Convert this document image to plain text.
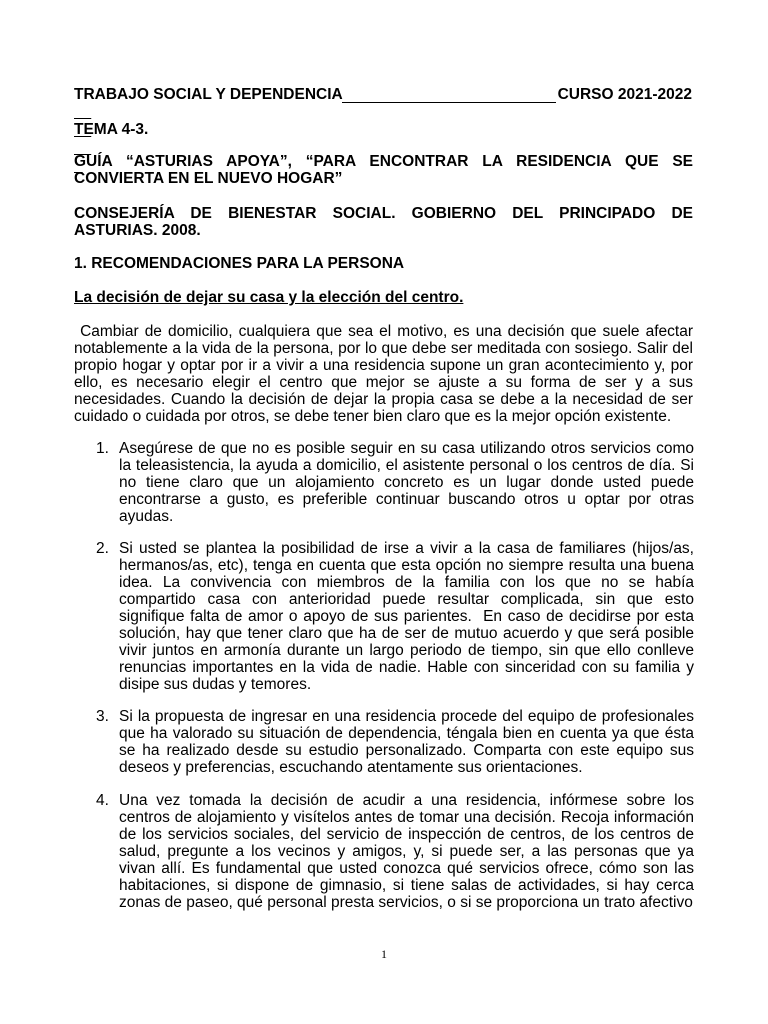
TRABAJO SOCIAL Y DEPENDENCIA

	CURSO 2021-2022

TEMA 4-3.
GUÍA “ASTURIAS APOYA”, “PARA ENCONTRAR LA RESIDENCIA QUE SE CONVIERTA EN EL NUEVO HOGAR”
CONSEJERÍA DE BIENESTAR SOCIAL. GOBIERNO DEL PRINCIPADO DE ASTURIAS. 2008.
1. RECOMENDACIONES PARA LA PERSONA
La decisión de dejar su casa y la elección del centro.
Cambiar de domicilio, cualquiera que sea el motivo, es una decisión que suele afectar notablemente a la vida de la persona, por lo que debe ser meditada con sosiego. Salir del propio hogar y optar por ir a vivir a una residencia supone un gran acontecimiento y, por ello, es necesario elegir el centro que mejor se ajuste a su forma de ser y a sus necesidades. Cuando la decisión de dejar la propia casa se debe a la necesidad de ser cuidado o cuidada por otros, se debe tener bien claro que es la mejor opción existente.
1. Asegúrese de que no es posible seguir en su casa utilizando otros servicios como la teleasistencia, la ayuda a domicilio, el asistente personal o los centros de día. Si no tiene claro que un alojamiento concreto es un lugar donde usted puede encontrarse a gusto, es preferible continuar buscando otros u optar por otras ayudas.
2. Si usted se plantea la posibilidad de irse a vivir a la casa de familiares (hijos/as, hermanos/as, etc), tenga en cuenta que esta opción no siempre resulta una buena idea. La convivencia con miembros de la familia con los que no se había compartido casa con anterioridad puede resultar complicada, sin que esto signifique falta de amor o apoyo de sus parientes.  En caso de decidirse por esta solución, hay que tener claro que ha de ser de mutuo acuerdo y que será posible vivir juntos en armonía durante un largo periodo de tiempo, sin que ello conlleve renuncias importantes en la vida de nadie. Hable con sinceridad con su familia y disipe sus dudas y temores.
3. Si la propuesta de ingresar en una residencia procede del equipo de profesionales que ha valorado su situación de dependencia, téngala bien en cuenta ya que ésta se ha realizado desde su estudio personalizado. Comparta con este equipo sus deseos y preferencias, escuchando atentamente sus orientaciones.
4. Una vez tomada la decisión de acudir a una residencia, infórmese sobre los centros de alojamiento y visítelos antes de tomar una decisión. Recoja información de los servicios sociales, del servicio de inspección de centros, de los centros de salud, pregunte a los vecinos y amigos, y, si puede ser, a las personas que ya vivan allí. Es fundamental que usted conozca qué servicios ofrece, cómo son las habitaciones, si dispone de gimnasio, si tiene salas de actividades, si hay cerca zonas de paseo, qué personal presta servicios, o si se proporciona un trato afectivo
1
